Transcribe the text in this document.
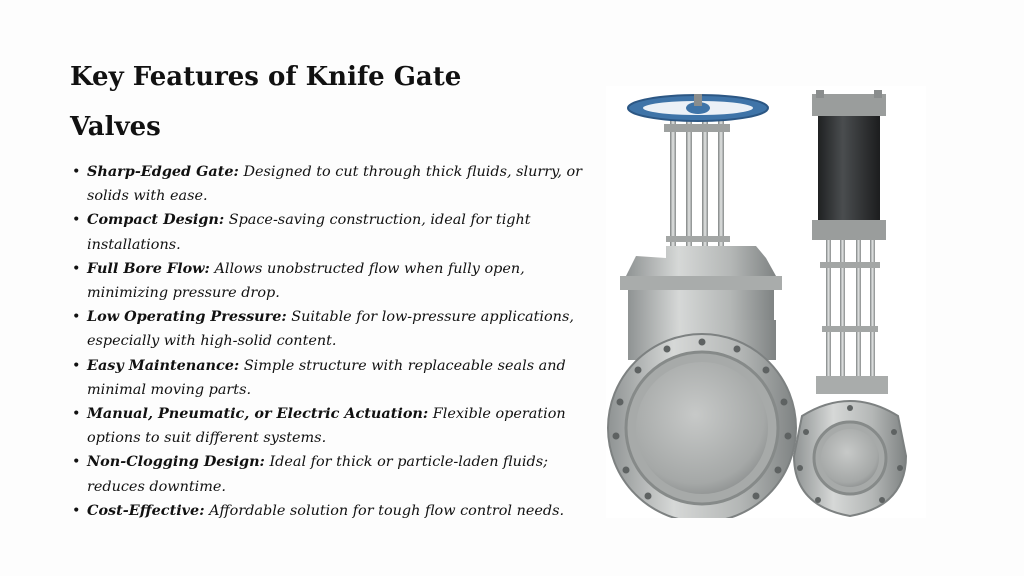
Key Features of Knife Gate Valves
• Sharp-Edged Gate: Designed to cut through thick fluids, slurry, or solids with ease.
• Compact Design: Space-saving construction, ideal for tight installations.
• Full Bore Flow: Allows unobstructed flow when fully open, minimizing pressure drop.
• Low Operating Pressure: Suitable for low-pressure applications, especially with high-solid content.
• Easy Maintenance: Simple structure with replaceable seals and minimal moving parts.
• Manual, Pneumatic, or Electric Actuation: Flexible operation options to suit different systems.
• Non-Clogging Design: Ideal for thick or particle-laden fluids; reduces downtime.
• Cost-Effective: Affordable solution for tough flow control needs.
